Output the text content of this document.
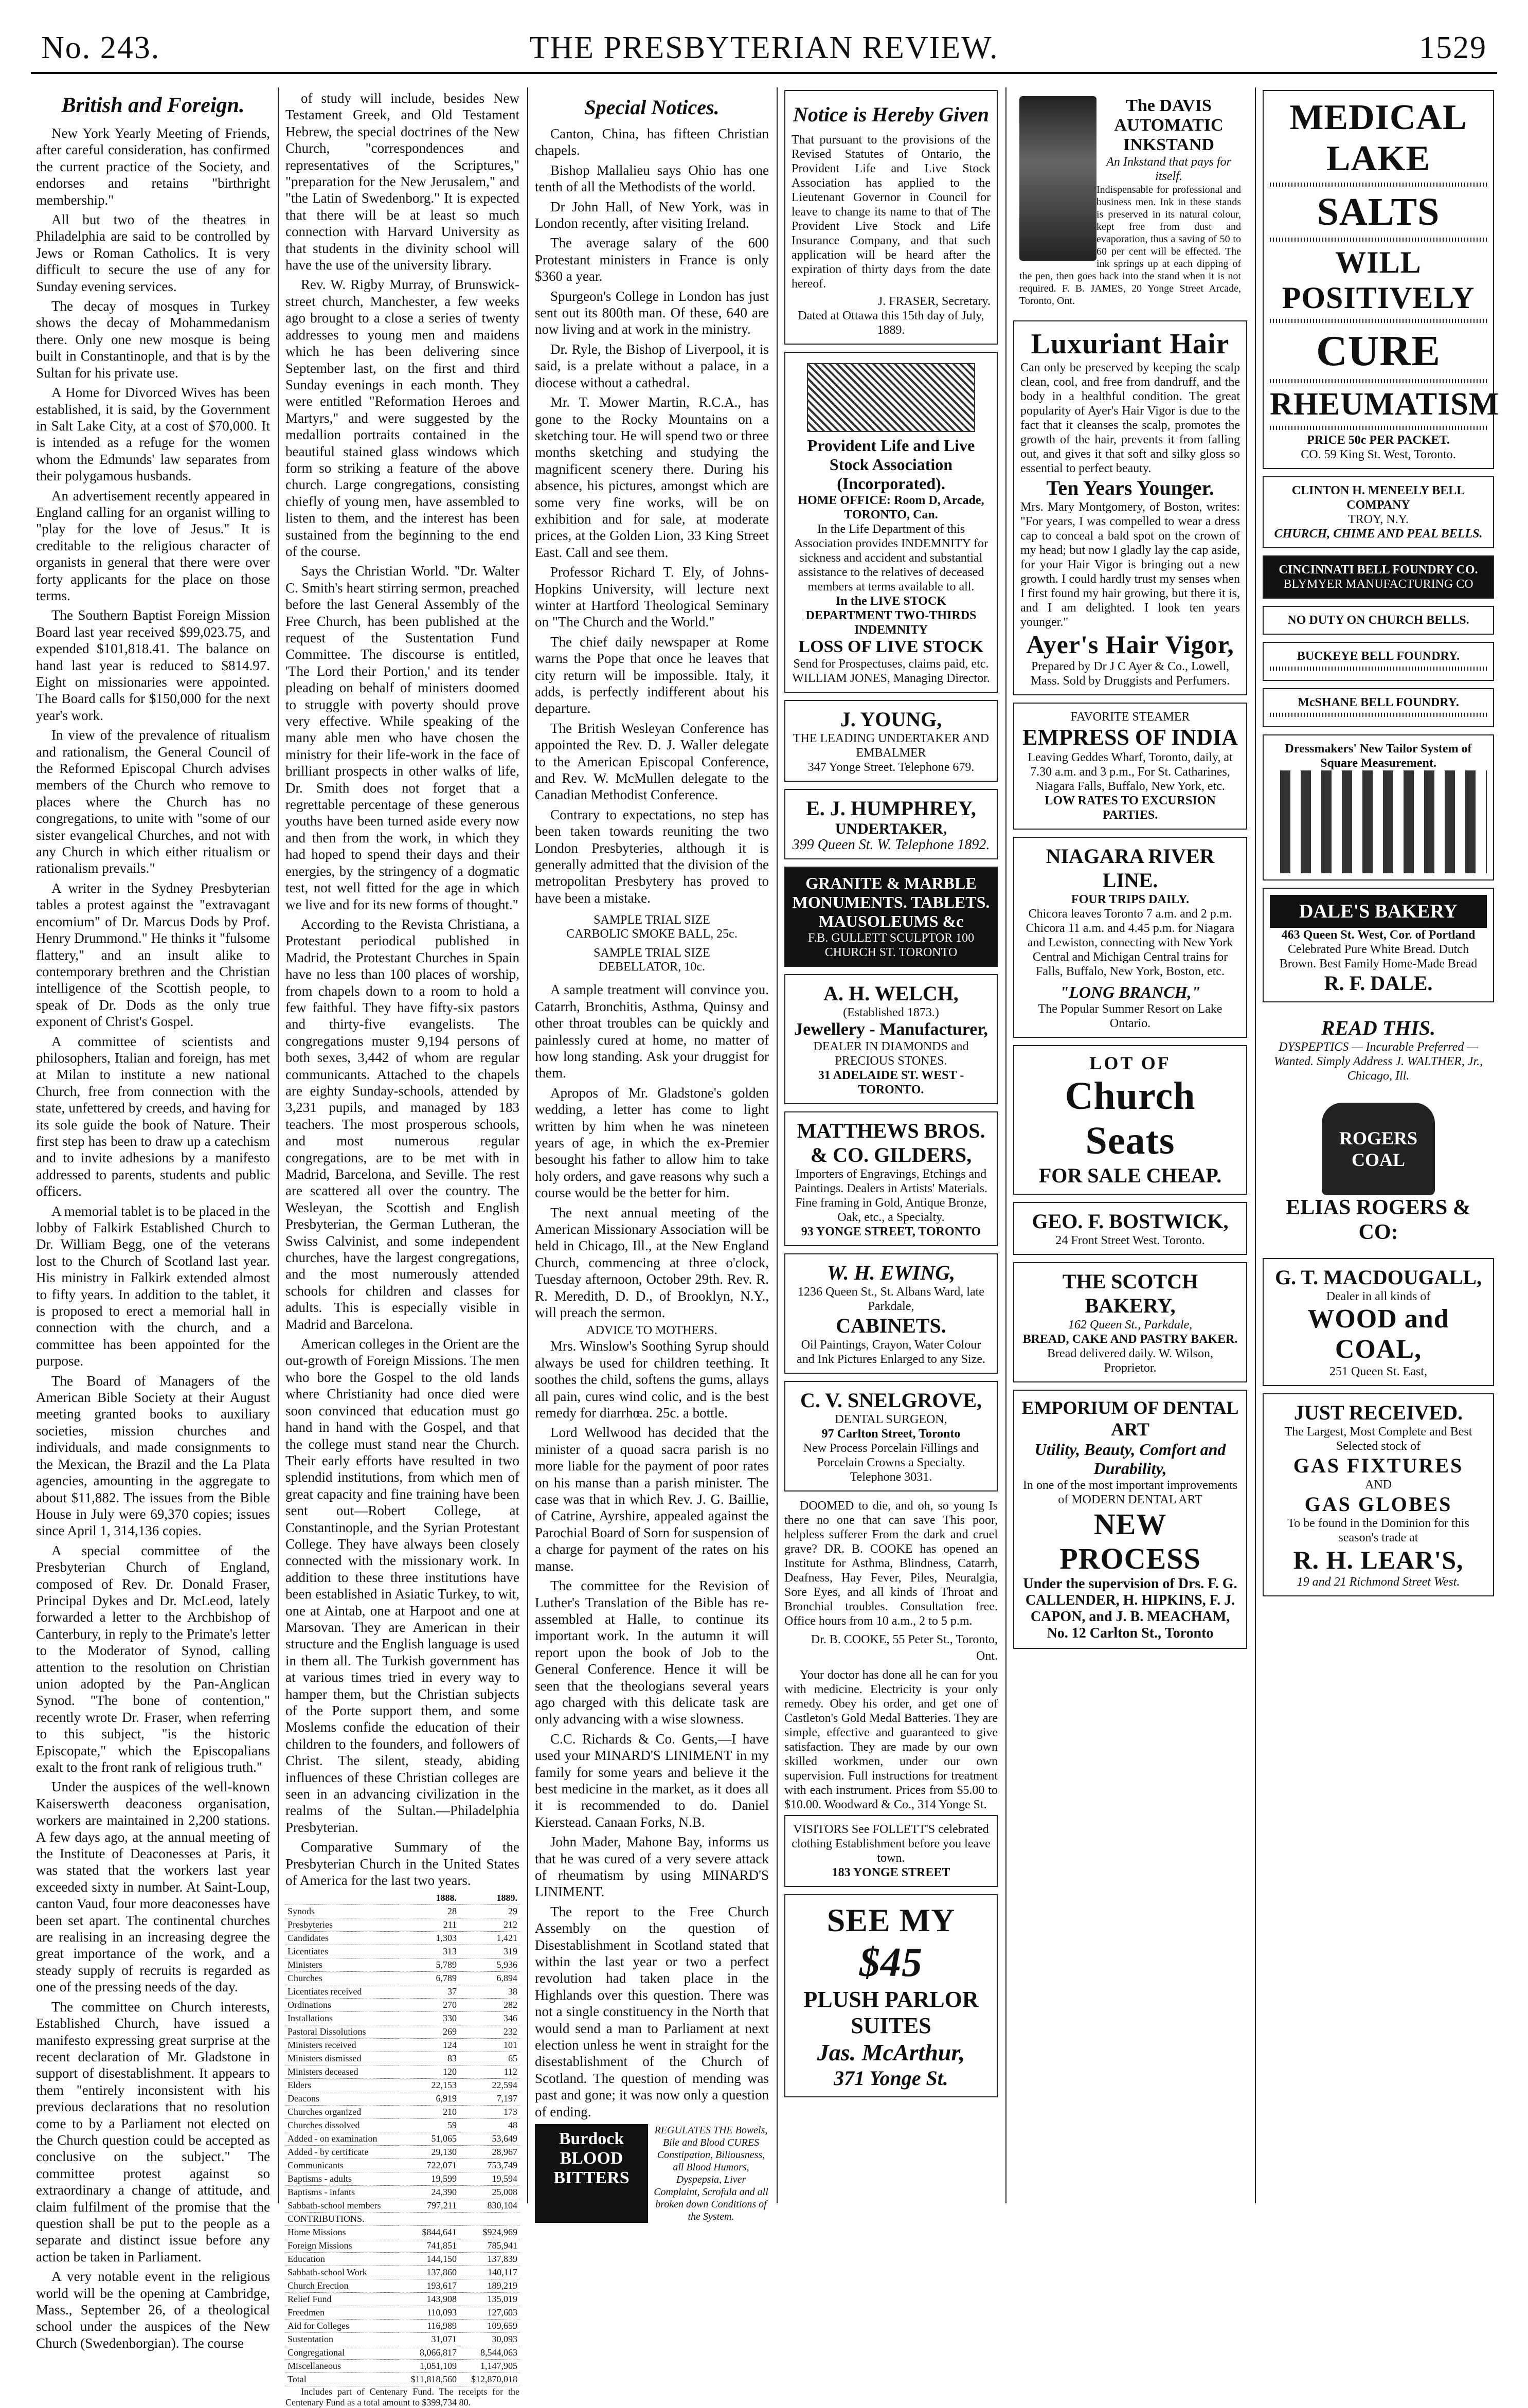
No. 243.	THE PRESBYTERIAN REVIEW.	1529
British and Foreign.
New York Yearly Meeting of Friends, after careful consideration, has confirmed the current practice of the Society, and endorses and retains "birthright membership."
All but two of the theatres in Philadelphia are said to be controlled by Jews or Roman Catholics. It is very difficult to secure the use of any for Sunday evening services.
The decay of mosques in Turkey shows the decay of Mohammedanism there. Only one new mosque is being built in Constantinople, and that is by the Sultan for his private use.
A Home for Divorced Wives has been established, it is said, by the Government in Salt Lake City, at a cost of $70,000. It is intended as a refuge for the women whom the Edmunds' law separates from their polygamous husbands.
An advertisement recently appeared in England calling for an organist willing to "play for the love of Jesus." It is creditable to the religious character of organists in general that there were over forty applicants for the place on those terms.
The Southern Baptist Foreign Mission Board last year received $99,023.75, and expended $101,818.41. The balance on hand last year is reduced to $814.97. Eight on missionaries were appointed. The Board calls for $150,000 for the next year's work.
In view of the prevalence of ritualism and rationalism, the General Council of the Reformed Episcopal Church advises members of the Church who remove to places where the Church has no congregations, to unite with "some of our sister evangelical Churches, and not with any Church in which either ritualism or rationalism prevails."
A writer in the Sydney Presbyterian tables a protest against the "extravagant encomium" of Dr. Marcus Dods by Prof. Henry Drummond." He thinks it "fulsome flattery," and an insult alike to contemporary brethren and the Christian intelligence of the Scottish people, to speak of Dr. Dods as the only true exponent of Christ's Gospel.
A committee of scientists and philosophers, Italian and foreign, has met at Milan to institute a new national Church, free from connection with the state, unfettered by creeds, and having for its sole guide the book of Nature. Their first step has been to draw up a catechism and to invite adhesions by a manifesto addressed to parents, students and public officers.
A memorial tablet is to be placed in the lobby of Falkirk Established Church to Dr. William Begg, one of the veterans lost to the Church of Scotland last year. His ministry in Falkirk extended almost to fifty years. In addition to the tablet, it is proposed to erect a memorial hall in connection with the church, and a committee has been appointed for the purpose.
The Board of Managers of the American Bible Society at their August meeting granted books to auxiliary societies, mission churches and individuals, and made consignments to the Mexican, the Brazil and the La Plata agencies, amounting in the aggregate to about $11,882. The issues from the Bible House in July were 69,370 copies; issues since April 1, 314,136 copies.
A special committee of the Presbyterian Church of England, composed of Rev. Dr. Donald Fraser, Principal Dykes and Dr. McLeod, lately forwarded a letter to the Archbishop of Canterbury, in reply to the Primate's letter to the Moderator of Synod, calling attention to the resolution on Christian union adopted by the Pan-Anglican Synod. "The bone of contention," recently wrote Dr. Fraser, when referring to this subject, "is the historic Episcopate," which the Episcopalians exalt to the front rank of religious truth."
Under the auspices of the well-known Kaiserswerth deaconess organisation, workers are maintained in 2,200 stations. A few days ago, at the annual meeting of the Institute of Deaconesses at Paris, it was stated that the workers last year exceeded sixty in number. At Saint-Loup, canton Vaud, four more deaconesses have been set apart. The continental churches are realising in an increasing degree the great importance of the work, and a steady supply of recruits is regarded as one of the pressing needs of the day.
The committee on Church interests, Established Church, have issued a manifesto expressing great surprise at the recent declaration of Mr. Gladstone in support of disestablishment. It appears to them "entirely inconsistent with his previous declarations that no resolution come to by a Parliament not elected on the Church question could be accepted as conclusive on the subject." The committee protest against so extraordinary a change of attitude, and claim fulfilment of the promise that the question shall be put to the people as a separate and distinct issue before any action be taken in Parliament.
A very notable event in the religious world will be the opening at Cambridge, Mass., September 26, of a theological school under the auspices of the New Church (Swedenborgian). The course
of study will include, besides New Testament Greek, and Old Testament Hebrew, the special doctrines of the New Church, "correspondences and representatives of the Scriptures," "preparation for the New Jerusalem," and "the Latin of Swedenborg." It is expected that there will be at least so much connection with Harvard University as that students in the divinity school will have the use of the university library.
Rev. W. Rigby Murray, of Brunswick-street church, Manchester, a few weeks ago brought to a close a series of twenty addresses to young men and maidens which he has been delivering since September last, on the first and third Sunday evenings in each month. They were entitled "Reformation Heroes and Martyrs," and were suggested by the medallion portraits contained in the beautiful stained glass windows which form so striking a feature of the above church. Large congregations, consisting chiefly of young men, have assembled to listen to them, and the interest has been sustained from the beginning to the end of the course.
Says the Christian World. "Dr. Walter C. Smith's heart stirring sermon, preached before the last General Assembly of the Free Church, has been published at the request of the Sustentation Fund Committee. The discourse is entitled, 'The Lord their Portion,' and its tender pleading on behalf of ministers doomed to struggle with poverty should prove very effective. While speaking of the many able men who have chosen the ministry for their life-work in the face of brilliant prospects in other walks of life, Dr. Smith does not forget that a regrettable percentage of these generous youths have been turned aside every now and then from the work, in which they had hoped to spend their days and their energies, by the stringency of a dogmatic test, not well fitted for the age in which we live and for its new forms of thought."
According to the Revista Christiana, a Protestant periodical published in Madrid, the Protestant Churches in Spain have no less than 100 places of worship, from chapels down to a room to hold a few faithful. They have fifty-six pastors and thirty-five evangelists. The congregations muster 9,194 persons of both sexes, 3,442 of whom are regular communicants. Attached to the chapels are eighty Sunday-schools, attended by 3,231 pupils, and managed by 183 teachers. The most prosperous schools, and most numerous regular congregations, are to be met with in Madrid, Barcelona, and Seville. The rest are scattered all over the country. The Wesleyan, the Scottish and English Presbyterian, the German Lutheran, the Swiss Calvinist, and some independent churches, have the largest congregations, and the most numerously attended schools for children and classes for adults. This is especially visible in Madrid and Barcelona.
American colleges in the Orient are the out-growth of Foreign Missions. The men who bore the Gospel to the old lands where Christianity had once died were soon convinced that education must go hand in hand with the Gospel, and that the college must stand near the Church. Their early efforts have resulted in two splendid institutions, from which men of great capacity and fine training have been sent out—Robert College, at Constantinople, and the Syrian Protestant College. They have always been closely connected with the missionary work. In addition to these three institutions have been established in Asiatic Turkey, to wit, one at Aintab, one at Harpoot and one at Marsovan. They are American in their structure and the English language is used in them all. The Turkish government has at various times tried in every way to hamper them, but the Christian subjects of the Porte support them, and some Moslems confide the education of their children to the founders, and followers of Christ. The silent, steady, abiding influences of these Christian colleges are seen in an advancing civilization in the realms of the Sultan.—Philadelphia Presbyterian.
Comparative Summary of the Presbyterian Church in the United States of America for the last two years.
	1888.	1889.
Synods	28	29
Presbyteries	211	212
Candidates	1,303	1,421
Licentiates	313	319
Ministers	5,789	5,936
Churches	6,789	6,894
Licentiates received	37	38
Ordinations	270	282
Installations	330	346
Pastoral Dissolutions	269	232
Ministers received	124	101
Ministers dismissed	83	65
Ministers deceased	120	112
Elders	22,153	22,594
Deacons	6,919	7,197
Churches organized	210	173
Churches dissolved	59	48
Added - on examination	51,065	53,649
Added - by certificate	29,130	28,967
Communicants	722,071	753,749
Baptisms - adults	19,599	19,594
Baptisms - infants	24,390	25,008
Sabbath-school members	797,211	830,104
CONTRIBUTIONS.		
Home Missions	$844,641	$924,969
Foreign Missions	741,851	785,941
Education	144,150	137,839
Sabbath-school Work	137,860	140,117
Church Erection	193,617	189,219
Relief Fund	143,908	135,019
Freedmen	110,093	127,603
Aid for Colleges	116,989	109,659
Sustentation	31,071	30,093
Congregational	8,066,817	8,544,063
Miscellaneous	1,051,109	1,147,905
Total	$11,818,560	$12,870,018
Includes part of Centenary Fund. The receipts for the Centenary Fund as a total amount to $399,734 80.
Special Notices.
Canton, China, has fifteen Christian chapels.
Bishop Mallalieu says Ohio has one tenth of all the Methodists of the world.
Dr John Hall, of New York, was in London recently, after visiting Ireland.
The average salary of the 600 Protestant ministers in France is only $360 a year.
Spurgeon's College in London has just sent out its 800th man. Of these, 640 are now living and at work in the ministry.
Dr. Ryle, the Bishop of Liverpool, it is said, is a prelate without a palace, in a diocese without a cathedral.
Mr. T. Mower Martin, R.C.A., has gone to the Rocky Mountains on a sketching tour. He will spend two or three months sketching and studying the magnificent scenery there. During his absence, his pictures, amongst which are some very fine works, will be on exhibition and for sale, at moderate prices, at the Golden Lion, 33 King Street East. Call and see them.
Professor Richard T. Ely, of Johns-Hopkins University, will lecture next winter at Hartford Theological Seminary on "The Church and the World."
The chief daily newspaper at Rome warns the Pope that once he leaves that city return will be impossible. Italy, it adds, is perfectly indifferent about his departure.
The British Wesleyan Conference has appointed the Rev. D. J. Waller delegate to the American Episcopal Conference, and Rev. W. McMullen delegate to the Canadian Methodist Conference.
Contrary to expectations, no step has been taken towards reuniting the two London Presbyteries, although it is generally admitted that the division of the metropolitan Presbytery has proved to have been a mistake.
SAMPLE TRIAL SIZE
CARBOLIC SMOKE BALL, 25c.
SAMPLE TRIAL SIZE
DEBELLATOR, 10c.
A sample treatment will convince you. Catarrh, Bronchitis, Asthma, Quinsy and other throat troubles can be quickly and painlessly cured at home, no matter of how long standing. Ask your druggist for them.
Apropos of Mr. Gladstone's golden wedding, a letter has come to light written by him when he was nineteen years of age, in which the ex-Premier besought his father to allow him to take holy orders, and gave reasons why such a course would be the better for him.
The next annual meeting of the American Missionary Association will be held in Chicago, Ill., at the New England Church, commencing at three o'clock, Tuesday afternoon, October 29th. Rev. R. R. Meredith, D. D., of Brooklyn, N.Y., will preach the sermon.
ADVICE TO MOTHERS.
Mrs. Winslow's Soothing Syrup should always be used for children teething. It soothes the child, softens the gums, allays all pain, cures wind colic, and is the best remedy for diarrhœa. 25c. a bottle.
Lord Wellwood has decided that the minister of a quoad sacra parish is no more liable for the payment of poor rates on his manse than a parish minister. The case was that in which Rev. J. G. Baillie, of Catrine, Ayrshire, appealed against the Parochial Board of Sorn for suspension of a charge for payment of the rates on his manse.
The committee for the Revision of Luther's Translation of the Bible has re-assembled at Halle, to continue its important work. In the autumn it will report upon the book of Job to the General Conference. Hence it will be seen that the theologians several years ago charged with this delicate task are only advancing with a wise slowness.
C.C. Richards & Co. Gents,—I have used your MINARD'S LINIMENT in my family for some years and believe it the best medicine in the market, as it does all it is recommended to do. Daniel Kierstead. Canaan Forks, N.B.
John Mader, Mahone Bay, informs us that he was cured of a very severe attack of rheumatism by using MINARD'S LINIMENT.
The report to the Free Church Assembly on the question of Disestablishment in Scotland stated that within the last year or two a perfect revolution had taken place in the Highlands over this question. There was not a single constituency in the North that would send a man to Parliament at next election unless he went in straight for the disestablishment of the Church of Scotland. The question of mending was past and gone; it was now only a question of ending.
Burdock
BLOOD
BITTERS
REGULATES THE Bowels, Bile and Blood CURES Constipation, Biliousness, all Blood Humors, Dyspepsia, Liver Complaint, Scrofula and all broken down Conditions of the System.
Notice is Hereby Given
That pursuant to the provisions of the Revised Statutes of Ontario, the Provident Life and Live Stock Association has applied to the Lieutenant Governor in Council for leave to change its name to that of The Provident Live Stock and Life Insurance Company, and that such application will be heard after the expiration of thirty days from the date hereof.
J. FRASER, Secretary.
Dated at Ottawa this 15th day of July, 1889.
Provident Life and Live Stock Association (Incorporated).
HOME OFFICE: Room D, Arcade, TORONTO, Can.
In the Life Department of this Association provides INDEMNITY for sickness and accident and substantial assistance to the relatives of deceased members at terms available to all.
In the LIVE STOCK DEPARTMENT TWO-THIRDS INDEMNITY
LOSS OF LIVE STOCK
Send for Prospectuses, claims paid, etc. WILLIAM JONES, Managing Director.
J. YOUNG,
THE LEADING UNDERTAKER AND EMBALMER
347 Yonge Street. Telephone 679.
E. J. HUMPHREY,
UNDERTAKER,
399 Queen St. W. Telephone 1892.
GRANITE & MARBLE MONUMENTS. TABLETS. MAUSOLEUMS &c
F.B. GULLETT SCULPTOR 100 CHURCH ST. TORONTO
A. H. WELCH,
(Established 1873.)
Jewellery - Manufacturer,
DEALER IN DIAMONDS and PRECIOUS STONES.
31 ADELAIDE ST. WEST - TORONTO.
MATTHEWS BROS. & CO. GILDERS,
Importers of Engravings, Etchings and Paintings. Dealers in Artists' Materials. Fine framing in Gold, Antique Bronze, Oak, etc., a Specialty.
93 YONGE STREET, TORONTO
W. H. EWING,
1236 Queen St., St. Albans Ward, late Parkdale,
CABINETS.
Oil Paintings, Crayon, Water Colour and Ink Pictures Enlarged to any Size.
C. V. SNELGROVE,
DENTAL SURGEON,
97 Carlton Street, Toronto
New Process Porcelain Fillings and Porcelain Crowns a Specialty. Telephone 3031.
DOOMED to die, and oh, so young Is there no one that can save This poor, helpless sufferer From the dark and cruel grave? DR. B. COOKE has opened an Institute for Asthma, Blindness, Catarrh, Deafness, Hay Fever, Piles, Neuralgia, Sore Eyes, and all kinds of Throat and Bronchial troubles. Consultation free. Office hours from 10 a.m., 2 to 5 p.m.
Dr. B. COOKE, 55 Peter St., Toronto, Ont.
Your doctor has done all he can for you with medicine. Electricity is your only remedy. Obey his order, and get one of Castleton's Gold Medal Batteries. They are simple, effective and guaranteed to give satisfaction. They are made by our own skilled workmen, under our own supervision. Full instructions for treatment with each instrument. Prices from $5.00 to $10.00. Woodward & Co., 314 Yonge St.
VISITORS See FOLLETT'S celebrated clothing Establishment before you leave town.
183 YONGE STREET
SEE MY
$45
PLUSH PARLOR SUITES
Jas. McArthur,
371 Yonge St.
The DAVIS AUTOMATIC INKSTAND
An Inkstand that pays for itself.
Indispensable for professional and business men. Ink in these stands is preserved in its natural colour, kept free from dust and evaporation, thus a saving of 50 to 60 per cent will be effected. The ink springs up at each dipping of the pen, then goes back into the stand when it is not required. F. B. JAMES, 20 Yonge Street Arcade, Toronto, Ont.
Luxuriant Hair
Can only be preserved by keeping the scalp clean, cool, and free from dandruff, and the body in a healthful condition. The great popularity of Ayer's Hair Vigor is due to the fact that it cleanses the scalp, promotes the growth of the hair, prevents it from falling out, and gives it that soft and silky gloss so essential to perfect beauty.
Ten Years Younger.
Mrs. Mary Montgomery, of Boston, writes: "For years, I was compelled to wear a dress cap to conceal a bald spot on the crown of my head; but now I gladly lay the cap aside, for your Hair Vigor is bringing out a new growth. I could hardly trust my senses when I first found my hair growing, but there it is, and I am delighted. I look ten years younger."
Ayer's Hair Vigor,
Prepared by Dr J C Ayer & Co., Lowell, Mass. Sold by Druggists and Perfumers.
FAVORITE STEAMER
EMPRESS OF INDIA
Leaving Geddes Wharf, Toronto, daily, at 7.30 a.m. and 3 p.m., For St. Catharines, Niagara Falls, Buffalo, New York, etc.
LOW RATES TO EXCURSION PARTIES.
NIAGARA RIVER LINE.
FOUR TRIPS DAILY.
Chicora leaves Toronto 7 a.m. and 2 p.m. Chicora 11 a.m. and 4.45 p.m. for Niagara and Lewiston, connecting with New York Central and Michigan Central trains for Falls, Buffalo, New York, Boston, etc.
"LONG BRANCH,"
The Popular Summer Resort on Lake Ontario.
LOT OF
Church Seats
FOR SALE CHEAP.
GEO. F. BOSTWICK,
24 Front Street West. Toronto.
THE SCOTCH BAKERY,
162 Queen St., Parkdale,
BREAD, CAKE AND PASTRY BAKER.
Bread delivered daily. W. Wilson, Proprietor.
EMPORIUM OF DENTAL ART
Utility, Beauty, Comfort and Durability,
In one of the most important improvements of MODERN DENTAL ART
NEW PROCESS
Under the supervision of Drs. F. G. CALLENDER, H. HIPKINS, F. J. CAPON, and J. B. MEACHAM, No. 12 Carlton St., Toronto
MEDICAL LAKE
SALTS
WILL POSITIVELY
CURE
RHEUMATISM
PRICE 50c PER PACKET.
CO. 59 King St. West, Toronto.
CLINTON H. MENEELY BELL COMPANY
TROY, N.Y.
CHURCH, CHIME AND PEAL BELLS.
CINCINNATI BELL FOUNDRY CO.
BLYMYER MANUFACTURING CO
NO DUTY ON CHURCH BELLS.
BUCKEYE BELL FOUNDRY.
McSHANE BELL FOUNDRY.
Dressmakers' New Tailor System of Square Measurement.
DALE'S BAKERY
463 Queen St. West, Cor. of Portland
Celebrated Pure White Bread. Dutch Brown. Best Family Home-Made Bread
R. F. DALE.
READ THIS.
DYSPEPTICS — Incurable Preferred — Wanted. Simply Address J. WALTHER, Jr., Chicago, Ill.
ROGERS COAL
ELIAS ROGERS & CO:
G. T. MACDOUGALL,
Dealer in all kinds of
WOOD and COAL,
251 Queen St. East,
JUST RECEIVED.
The Largest, Most Complete and Best Selected stock of
GAS FIXTURES
AND
GAS GLOBES
To be found in the Dominion for this season's trade at
R. H. LEAR'S,
19 and 21 Richmond Street West.
